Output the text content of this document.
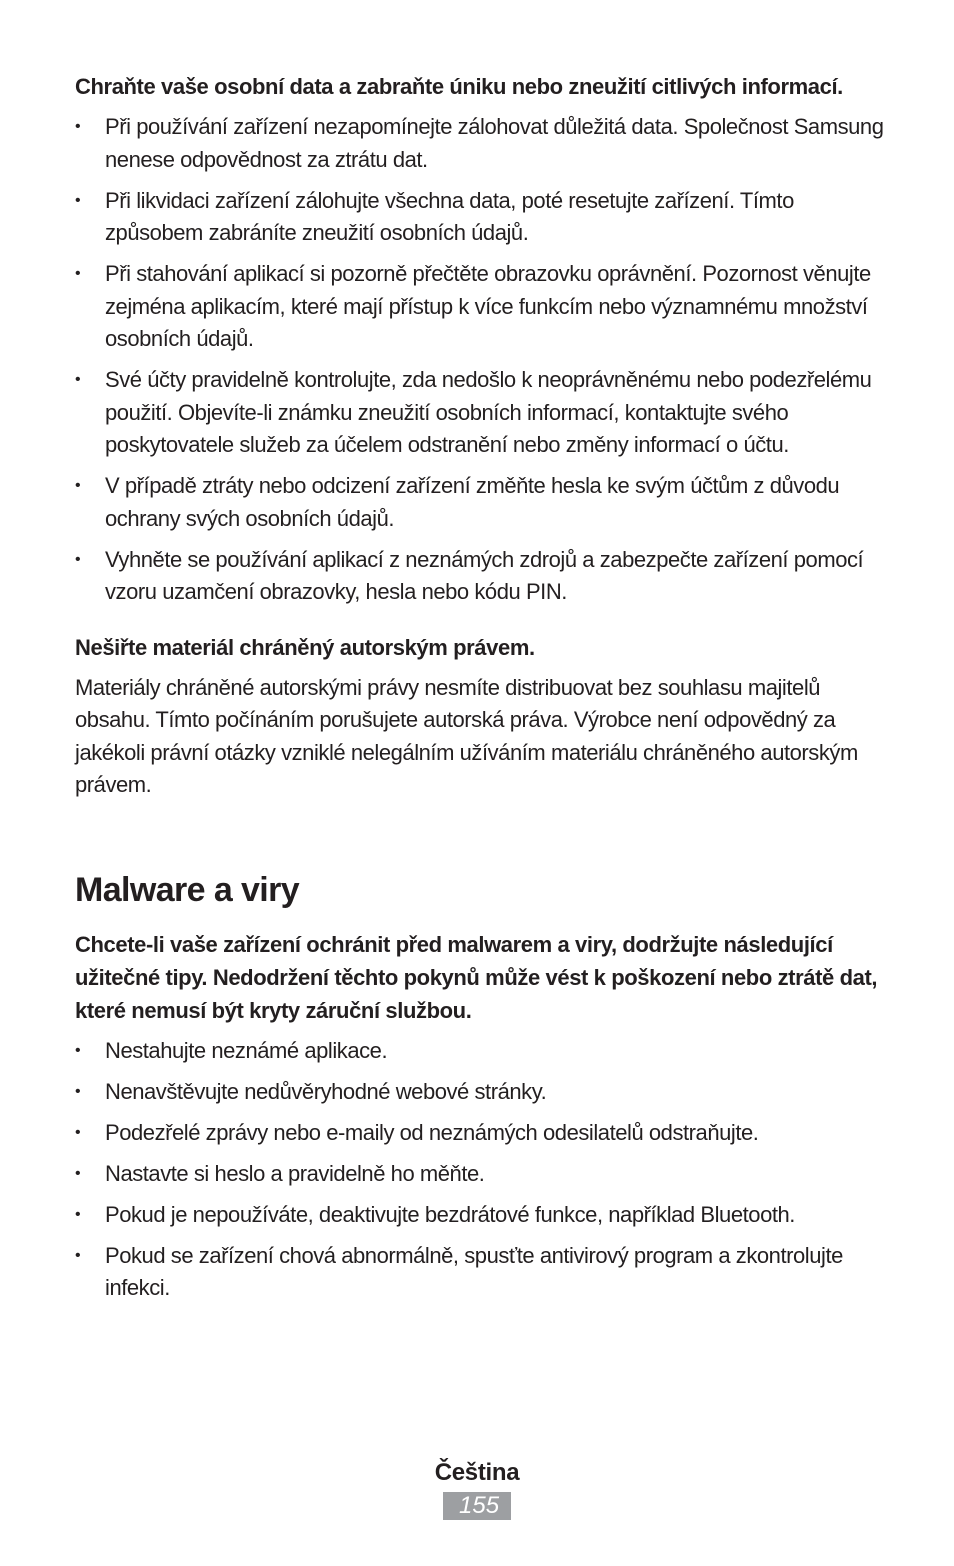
Chraňte vaše osobní data a zabraňte úniku nebo zneužití citlivých informací.

•	Při používání zařízení nezapomínejte zálohovat důležitá data. Společnost Samsung nenese odpovědnost za ztrátu dat.
•	Při likvidaci zařízení zálohujte všechna data, poté resetujte zařízení. Tímto způsobem zabráníte zneužití osobních údajů.
•	Při stahování aplikací si pozorně přečtěte obrazovku oprávnění. Pozornost věnujte zejména aplikacím, které mají přístup k více funkcím nebo významnému množství osobních údajů.
•	Své účty pravidelně kontrolujte, zda nedošlo k neoprávněnému nebo podezřelému použití. Objevíte-li známku zneužití osobních informací, kontaktujte svého poskytovatele služeb za účelem odstranění nebo změny informací o účtu.
•	V případě ztráty nebo odcizení zařízení změňte hesla ke svým účtům z důvodu ochrany svých osobních údajů.
•	Vyhněte se používání aplikací z neznámých zdrojů a zabezpečte zařízení pomocí vzoru uzamčení obrazovky, hesla nebo kódu PIN.

Nešiřte materiál chráněný autorským právem.

Materiály chráněné autorskými právy nesmíte distribuovat bez souhlasu majitelů obsahu. Tímto počínáním porušujete autorská práva. Výrobce není odpovědný za jakékoli právní otázky vzniklé nelegálním užíváním materiálu chráněného autorským právem.

Malware a viry

Chcete-li vaše zařízení ochránit před malwarem a viry, dodržujte následující užitečné tipy. Nedodržení těchto pokynů může vést k poškození nebo ztrátě dat, které nemusí být kryty záruční službou.

•	Nestahujte neznámé aplikace.
•	Nenavštěvujte nedůvěryhodné webové stránky.
•	Podezřelé zprávy nebo e-maily od neznámých odesilatelů odstraňujte.
•	Nastavte si heslo a pravidelně ho měňte.
•	Pokud je nepoužíváte, deaktivujte bezdrátové funkce, například Bluetooth.
•	Pokud se zařízení chová abnormálně, spusťte antivirový program a zkontrolujte infekci.
Čeština
155
